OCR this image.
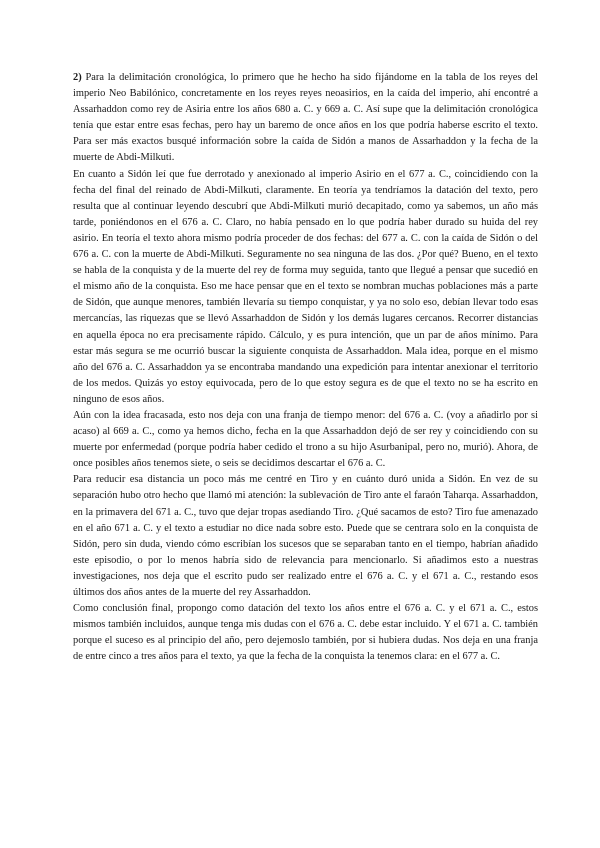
2) Para la delimitación cronológica, lo primero que he hecho ha sido fijándome en la tabla de los reyes del imperio Neo Babilónico, concretamente en los reyes reyes neoasirios, en la caída del imperio, ahí encontré a Assarhaddon como rey de Asiria entre los años 680 a. C. y 669 a. C. Así supe que la delimitación cronológica tenía que estar entre esas fechas, pero hay un baremo de once años en los que podría haberse escrito el texto. Para ser más exactos busqué información sobre la caída de Sidón a manos de Assarhaddon y la fecha de la muerte de Abdi-Milkuti.

En cuanto a Sidón leí que fue derrotado y anexionado al imperio Asirio en el 677 a. C., coincidiendo con la fecha del final del reinado de Abdi-Milkuti, claramente. En teoría ya tendríamos la datación del texto, pero resulta que al continuar leyendo descubrí que Abdi-Milkuti murió decapitado, como ya sabemos, un año más tarde, poniéndonos en el 676 a. C. Claro, no había pensado en lo que podría haber durado su huida del rey asirio. En teoría el texto ahora mismo podría proceder de dos fechas: del 677 a. C. con la caída de Sidón o del 676 a. C. con la muerte de Abdi-Milkuti. Seguramente no sea ninguna de las dos. ¿Por qué? Bueno, en el texto se habla de la conquista y de la muerte del rey de forma muy seguida, tanto que llegué a pensar que sucedió en el mismo año de la conquista. Eso me hace pensar que en el texto se nombran muchas poblaciones más a parte de Sidón, que aunque menores, también llevaría su tiempo conquistar, y ya no solo eso, debían llevar todo esas mercancías, las riquezas que se llevó Assarhaddon de Sidón y los demás lugares cercanos. Recorrer distancias en aquella época no era precisamente rápido. Cálculo, y es pura intención, que un par de años mínimo. Para estar más segura se me ocurrió buscar la siguiente conquista de Assarhaddon. Mala idea, porque en el mismo año del 676 a. C. Assarhaddon ya se encontraba mandando una expedición para intentar anexionar el territorio de los medos. Quizás yo estoy equivocada, pero de lo que estoy segura es de que el texto no se ha escrito en ninguno de esos años.

Aún con la idea fracasada, esto nos deja con una franja de tiempo menor: del 676 a. C. (voy a añadirlo por si acaso) al 669 a. C., como ya hemos dicho, fecha en la que Assarhaddon dejó de ser rey y coincidiendo con su muerte por enfermedad (porque podría haber cedido el trono a su hijo Asurbanipal, pero no, murió). Ahora, de once posibles años tenemos siete, o seis se decidimos descartar el 676 a. C.

Para reducir esa distancia un poco más me centré en Tiro y en cuánto duró unida a Sidón. En vez de su separación hubo otro hecho que llamó mi atención: la sublevación de Tiro ante el faraón Taharqa. Assarhaddon, en la primavera del 671 a. C., tuvo que dejar tropas asediando Tiro. ¿Qué sacamos de esto? Tiro fue amenazado en el año 671 a. C. y el texto a estudiar no dice nada sobre esto. Puede que se centrara solo en la conquista de Sidón, pero sin duda, viendo cómo escribían los sucesos que se separaban tanto en el tiempo, habrían añadido este episodio, o por lo menos habría sido de relevancia para mencionarlo. Si añadimos esto a nuestras investigaciones, nos deja que el escrito pudo ser realizado entre el 676 a. C. y el 671 a. C., restando esos últimos dos años antes de la muerte del rey Assarhaddon.

Como conclusión final, propongo como datación del texto los años entre el 676 a. C. y el 671 a. C., estos mismos también incluidos, aunque tenga mis dudas con el 676 a. C. debe estar incluido. Y el 671 a. C. también porque el suceso es al principio del año, pero dejemoslo también, por si hubiera dudas. Nos deja en una franja de entre cinco a tres años para el texto, ya que la fecha de la conquista la tenemos clara: en el 677 a. C.
